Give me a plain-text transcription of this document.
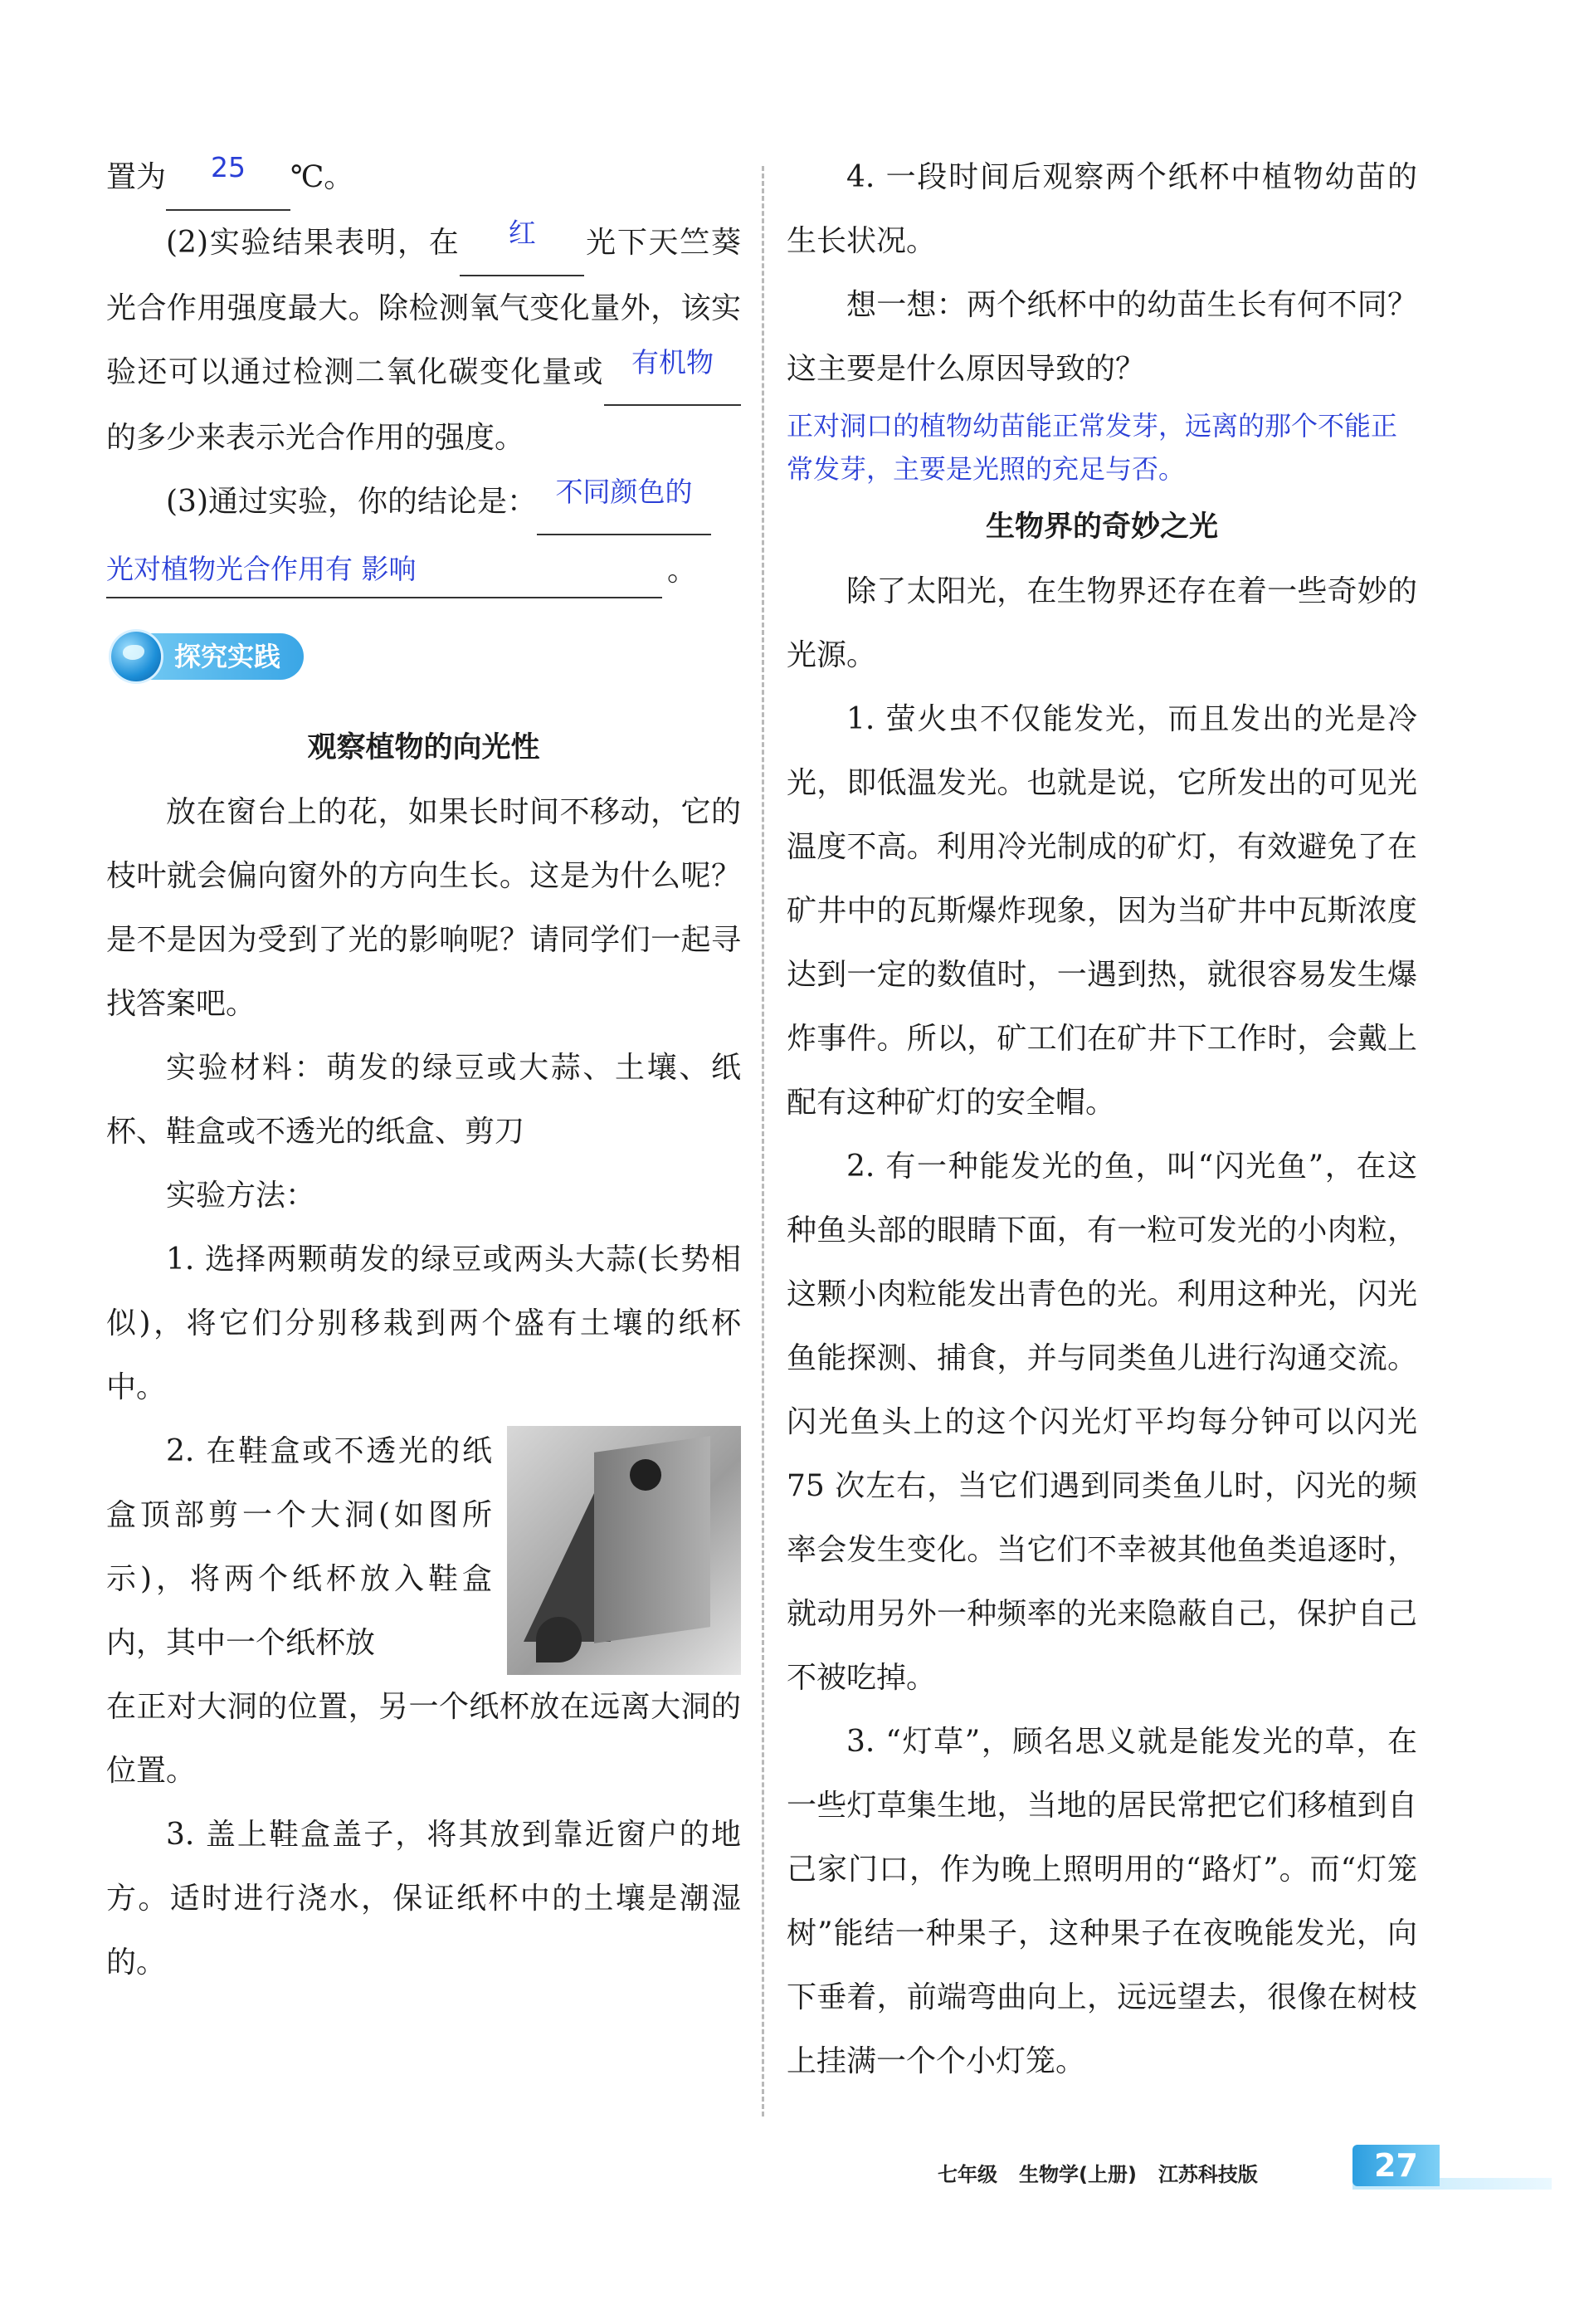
置为 25 ℃。

(2)实验结果表明，在 红 光下天竺葵光合作用强度最大。除检测氧气变化量外，该实验还可以通过检测二氧化碳变化量或 有机物的多少来表示光合作用的强度。

(3)通过实验，你的结论是： 不同颜色的

光对植物光合作用有 影响	。
探究实践

观察植物的向光性

放在窗台上的花，如果长时间不移动，它的枝叶就会偏向窗外的方向生长。这是为什么呢？是不是因为受到了光的影响呢？请同学们一起寻找答案吧。

实验材料：萌发的绿豆或大蒜、土壤、纸杯、鞋盒或不透光的纸盒、剪刀

实验方法：

1. 选择两颗萌发的绿豆或两头大蒜(长势相似)，将它们分别移栽到两个盛有土壤的纸杯中。

2. 在鞋盒或不透光的纸盒顶部剪一个大洞(如图所示)，将两个纸杯放入鞋盒内，其中一个纸杯放

在正对大洞的位置，另一个纸杯放在远离大洞的位置。

3. 盖上鞋盒盖子，将其放到靠近窗户的地方。适时进行浇水，保证纸杯中的土壤是潮湿的。

4. 一段时间后观察两个纸杯中植物幼苗的生长状况。

想一想：两个纸杯中的幼苗生长有何不同？这主要是什么原因导致的？

正对洞口的植物幼苗能正常发芽，远离的那个不能正常发芽，主要是光照的充足与否。

生物界的奇妙之光

除了太阳光，在生物界还存在着一些奇妙的光源。

1. 萤火虫不仅能发光，而且发出的光是冷光，即低温发光。也就是说，它所发出的可见光温度不高。利用冷光制成的矿灯，有效避免了在矿井中的瓦斯爆炸现象，因为当矿井中瓦斯浓度达到一定的数值时，一遇到热，就很容易发生爆炸事件。所以，矿工们在矿井下工作时，会戴上配有这种矿灯的安全帽。

2. 有一种能发光的鱼，叫“闪光鱼”，在这种鱼头部的眼睛下面，有一粒可发光的小肉粒，这颗小肉粒能发出青色的光。利用这种光，闪光鱼能探测、捕食，并与同类鱼儿进行沟通交流。闪光鱼头上的这个闪光灯平均每分钟可以闪光 75 次左右，当它们遇到同类鱼儿时，闪光的频率会发生变化。当它们不幸被其他鱼类追逐时，就动用另外一种频率的光来隐蔽自己，保护自己不被吃掉。

3. “灯草”，顾名思义就是能发光的草，在一些灯草集生地，当地的居民常把它们移植到自己家门口，作为晚上照明用的“路灯”。而“灯笼树”能结一种果子，这种果子在夜晚能发光，向下垂着，前端弯曲向上，远远望去，很像在树枝上挂满一个个小灯笼。

七年级 生物学(上册) 江苏科技版	27
